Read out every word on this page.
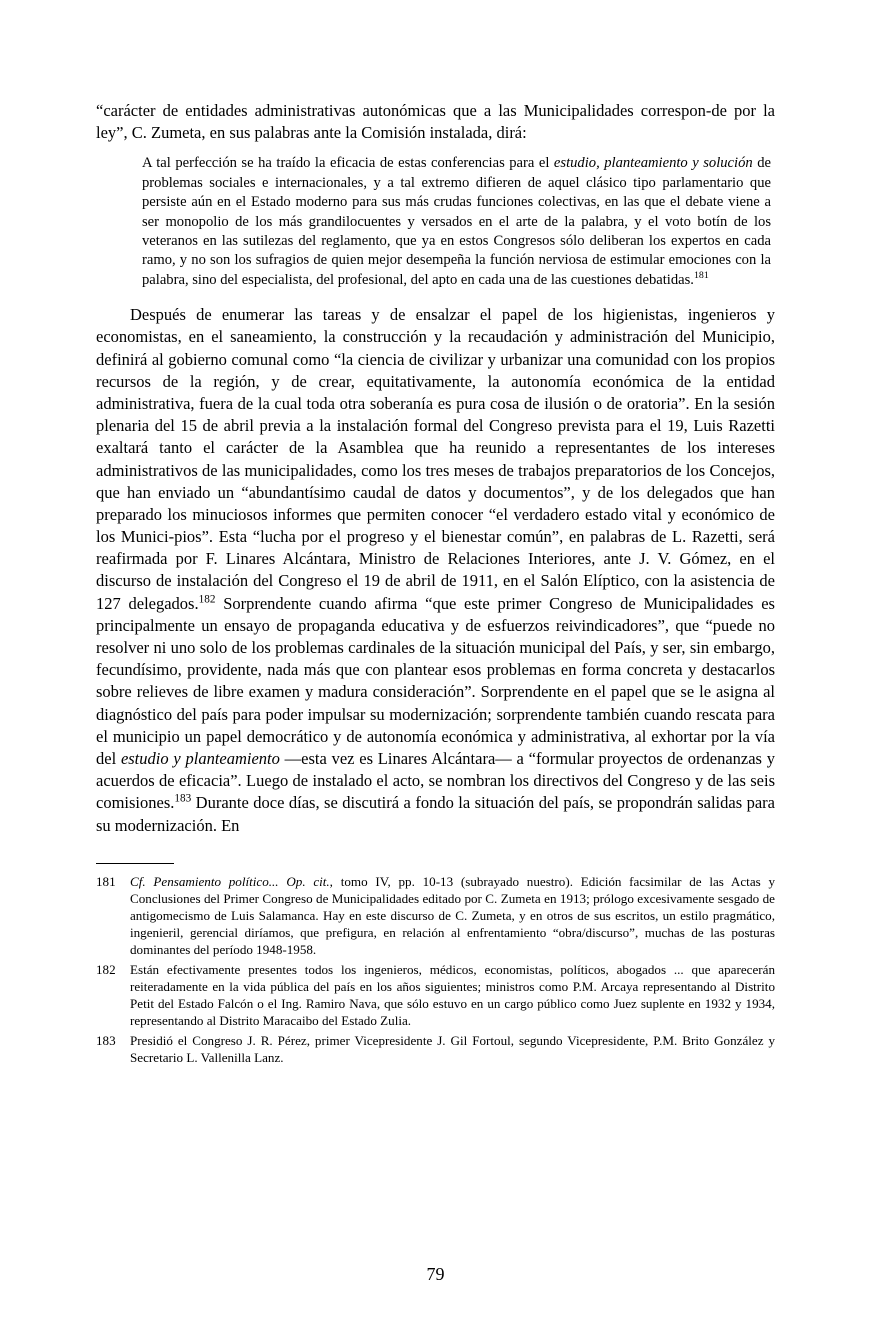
“carácter de entidades administrativas autonómicas que a las Municipalidades correspon-de por la ley”, C. Zumeta, en sus palabras ante la Comisión instalada, dirá:

A tal perfección se ha traído la eficacia de estas conferencias para el estudio, planteamiento y solución de problemas sociales e internacionales, y a tal extremo difieren de aquel clásico tipo parlamentario que persiste aún en el Estado moderno para sus más crudas funciones colectivas, en las que el debate viene a ser monopolio de los más grandilocuentes y versados en el arte de la palabra, y el voto botín de los veteranos en las sutilezas del reglamento, que ya en estos Congresos sólo deliberan los expertos en cada ramo, y no son los sufragios de quien mejor desempeña la función nerviosa de estimular emociones con la palabra, sino del especialista, del profesional, del apto en cada una de las cuestiones debatidas.$^{181}$

Después de enumerar las tareas y de ensalzar el papel de los higienistas, ingenieros y economistas, en el saneamiento, la construcción y la recaudación y administración del Municipio, definirá al gobierno comunal como “la ciencia de civilizar y urbanizar una comunidad con los propios recursos de la región, y de crear, equitativamente, la autonomía económica de la entidad administrativa, fuera de la cual toda otra soberanía es pura cosa de ilusión o de oratoria”. En la sesión plenaria del 15 de abril previa a la instalación formal del Congreso prevista para el 19, Luis Razetti exaltará tanto el carácter de la Asamblea que ha reunido a representantes de los intereses administrativos de las municipalidades, como los tres meses de trabajos preparatorios de los Concejos, que han enviado un “abundantísimo caudal de datos y documentos”, y de los delegados que han preparado los minuciosos informes que permiten conocer “el verdadero estado vital y económico de los Munici-pios”. Esta “lucha por el progreso y el bienestar común”, en palabras de L. Razetti, será reafirmada por F. Linares Alcántara, Ministro de Relaciones Interiores, ante J. V. Gómez, en el discurso de instalación del Congreso el 19 de abril de 1911, en el Salón Elíptico, con la asistencia de 127 delegados.$^{182}$ Sorprendente cuando afirma “que este primer Congreso de Municipalidades es principalmente un ensayo de propaganda educativa y de esfuerzos reivindicadores”, que “puede no resolver ni uno solo de los problemas cardinales de la situación municipal del País, y ser, sin embargo, fecundísimo, providente, nada más que con plantear esos problemas en forma concreta y destacarlos sobre relieves de libre examen y madura consideración”. Sorprendente en el papel que se le asigna al diagnóstico del país para poder impulsar su modernización; sorprendente también cuando rescata para el municipio un papel democrático y de autonomía económica y administrativa, al exhortar por la vía del estudio y planteamiento —esta vez es Linares Alcántara— a “formular proyectos de ordenanzas y acuerdos de eficacia”. Luego de instalado el acto, se nombran los directivos del Congreso y de las seis comisiones.$^{183}$ Durante doce días, se discutirá a fondo la situación del país, se propondrán salidas para su modernización. En

181	Cf. Pensamiento político... Op. cit., tomo IV, pp. 10-13 (subrayado nuestro). Edición facsimilar de las Actas y Conclusiones del Primer Congreso de Municipalidades editado por C. Zumeta en 1913; prólogo excesivamente sesgado de antigomecismo de Luis Salamanca. Hay en este discurso de C. Zumeta, y en otros de sus escritos, un estilo pragmático, ingenieril, gerencial diríamos, que prefigura, en relación al enfrentamiento “obra/discurso”, muchas de las posturas dominantes del período 1948-1958.
182	Están efectivamente presentes todos los ingenieros, médicos, economistas, políticos, abogados ... que aparecerán reiteradamente en la vida pública del país en los años siguientes; ministros como P.M. Arcaya representando al Distrito Petit del Estado Falcón o el Ing. Ramiro Nava, que sólo estuvo en un cargo público como Juez suplente en 1932 y 1934, representando al Distrito Maracaibo del Estado Zulia.
183	Presidió el Congreso J. R. Pérez, primer Vicepresidente J. Gil Fortoul, segundo Vicepresidente, P.M. Brito González y Secretario L. Vallenilla Lanz.
79
